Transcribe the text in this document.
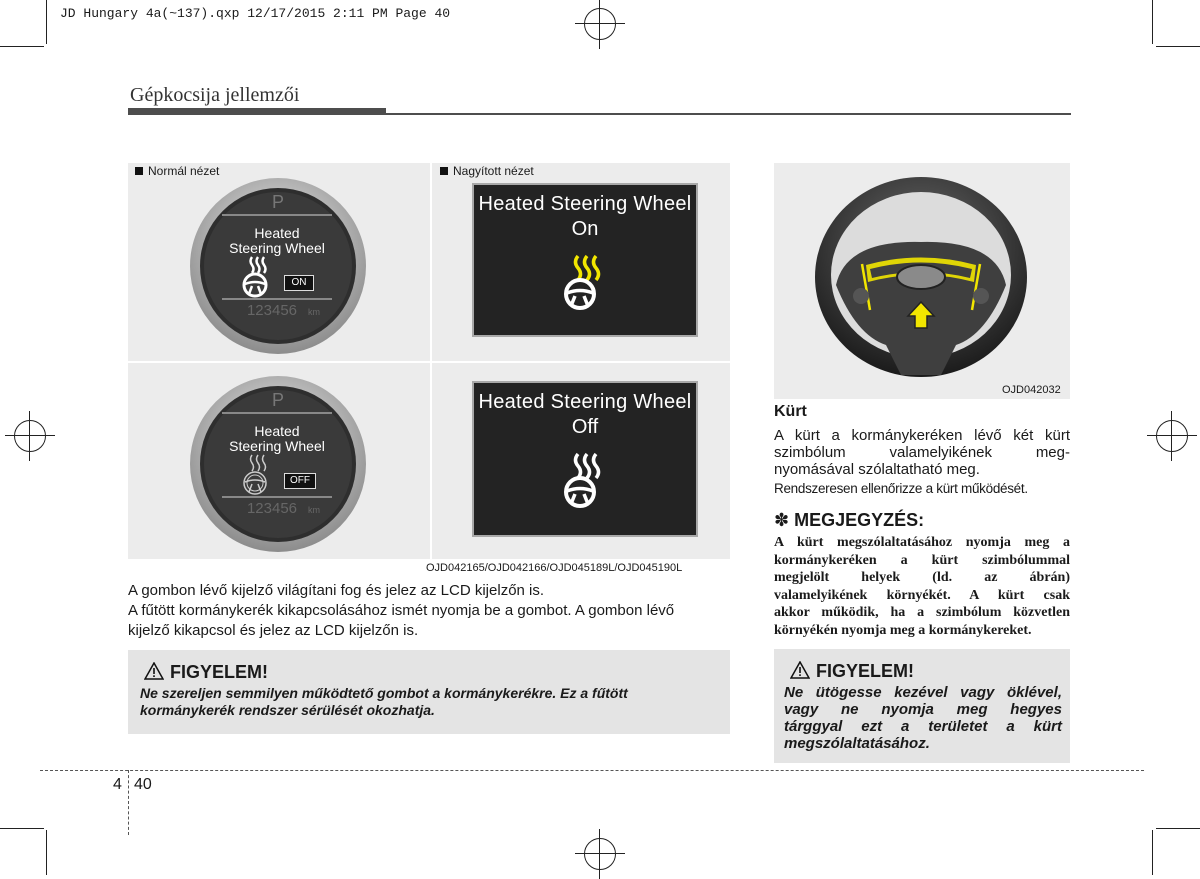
JD Hungary 4a(~137).qxp 12/17/2015 2:11 PM Page 40
Gépkocsija jellemzői
Normál nézet	Nagyított nézet
P
123456 km
Heated
Steering Wheel
ON
P
123456 km
Heated
Steering Wheel
OFF
Heated Steering Wheel
On
Heated Steering Wheel
Off
OJD042165/OJD042166/OJD045189L/OJD045190L
A gombon lévő kijelző világítani fog és jelez az LCD kijelzőn is.
A fűtött kormánykerék kikapcsolásához ismét nyomja be a gombot. A gombon lévő
kijelző kikapcsol és jelez az LCD kijelzőn is.
FIGYELEM!
Ne szereljen semmilyen működtető gombot a kormánykerékre. Ez a fűtött
kormánykerék rendszer sérülését okozhatja.
OJD042032
Kürt
A kürt a kormánykeréken lévő két kürt
szimbólum valamelyikének meg-
nyomásával szólaltatható meg.
Rendszeresen ellenőrizze a kürt működését.
✽ MEGJEGYZÉS:
A kürt megszólaltatásához nyomja meg a
kormánykeréken a kürt szimbólummal
megjelölt helyek (ld. az ábrán)
valamelyikének környékét. A kürt csak
akkor működik, ha a szimbólum közvetlen
környékén nyomja meg a kormánykereket.
FIGYELEM!
Ne ütögesse kezével vagy öklével,
vagy ne nyomja meg hegyes
tárggyal ezt a területet a kürt
megszólaltatásához.
4 40
